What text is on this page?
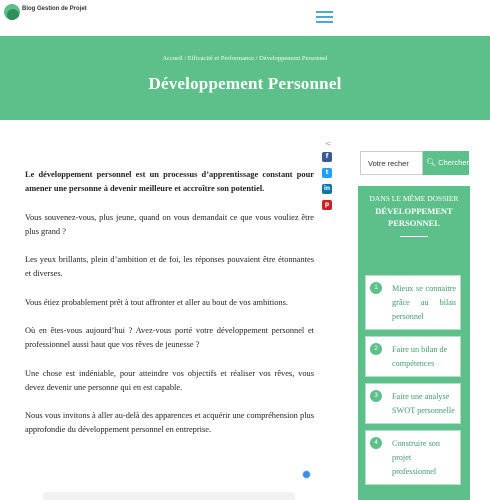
Blog Gestion de Projet
Accueil / Efficacité et Performance / Développement Personnel
Développement Personnel
<
f
t
in
p

Le développement personnel est un processus d’apprentissage constant pour amener une personne à devenir meilleure et accroître son potentiel.

Vous souvenez-vous, plus jeune, quand on vous demandait ce que vous vouliez être plus grand ?

Les yeux brillants, plein d’ambition et de foi, les réponses pouvaient être étonnantes et diverses.

Vous étiez probablement prêt à tout affronter et aller au bout de vos ambitions.

Où en êtes-vous aujourd’hui ? Avez-vous porté votre développement personnel et professionnel aussi haut que vos rêves de jeunesse ?

Une chose est indéniable, pour atteindre vos objectifs et réaliser vos rêves, vous devez devenir une personne qui en est capable.

Nous vous invitons à aller au-delà des apparences et acquérir une compréhension plus approfondie du développement personnel en entreprise.

Votre recher
🔍︎ Chercher
DANS LE MÊME DOSSIER
DÉVELOPPEMENT PERSONNEL
1	Mieux se connaitre grâce au bilan personnel
2	Faire un bilan de compétences
3	Faire une analyse SWOT personnelle
4	Construire son projet professionnel
